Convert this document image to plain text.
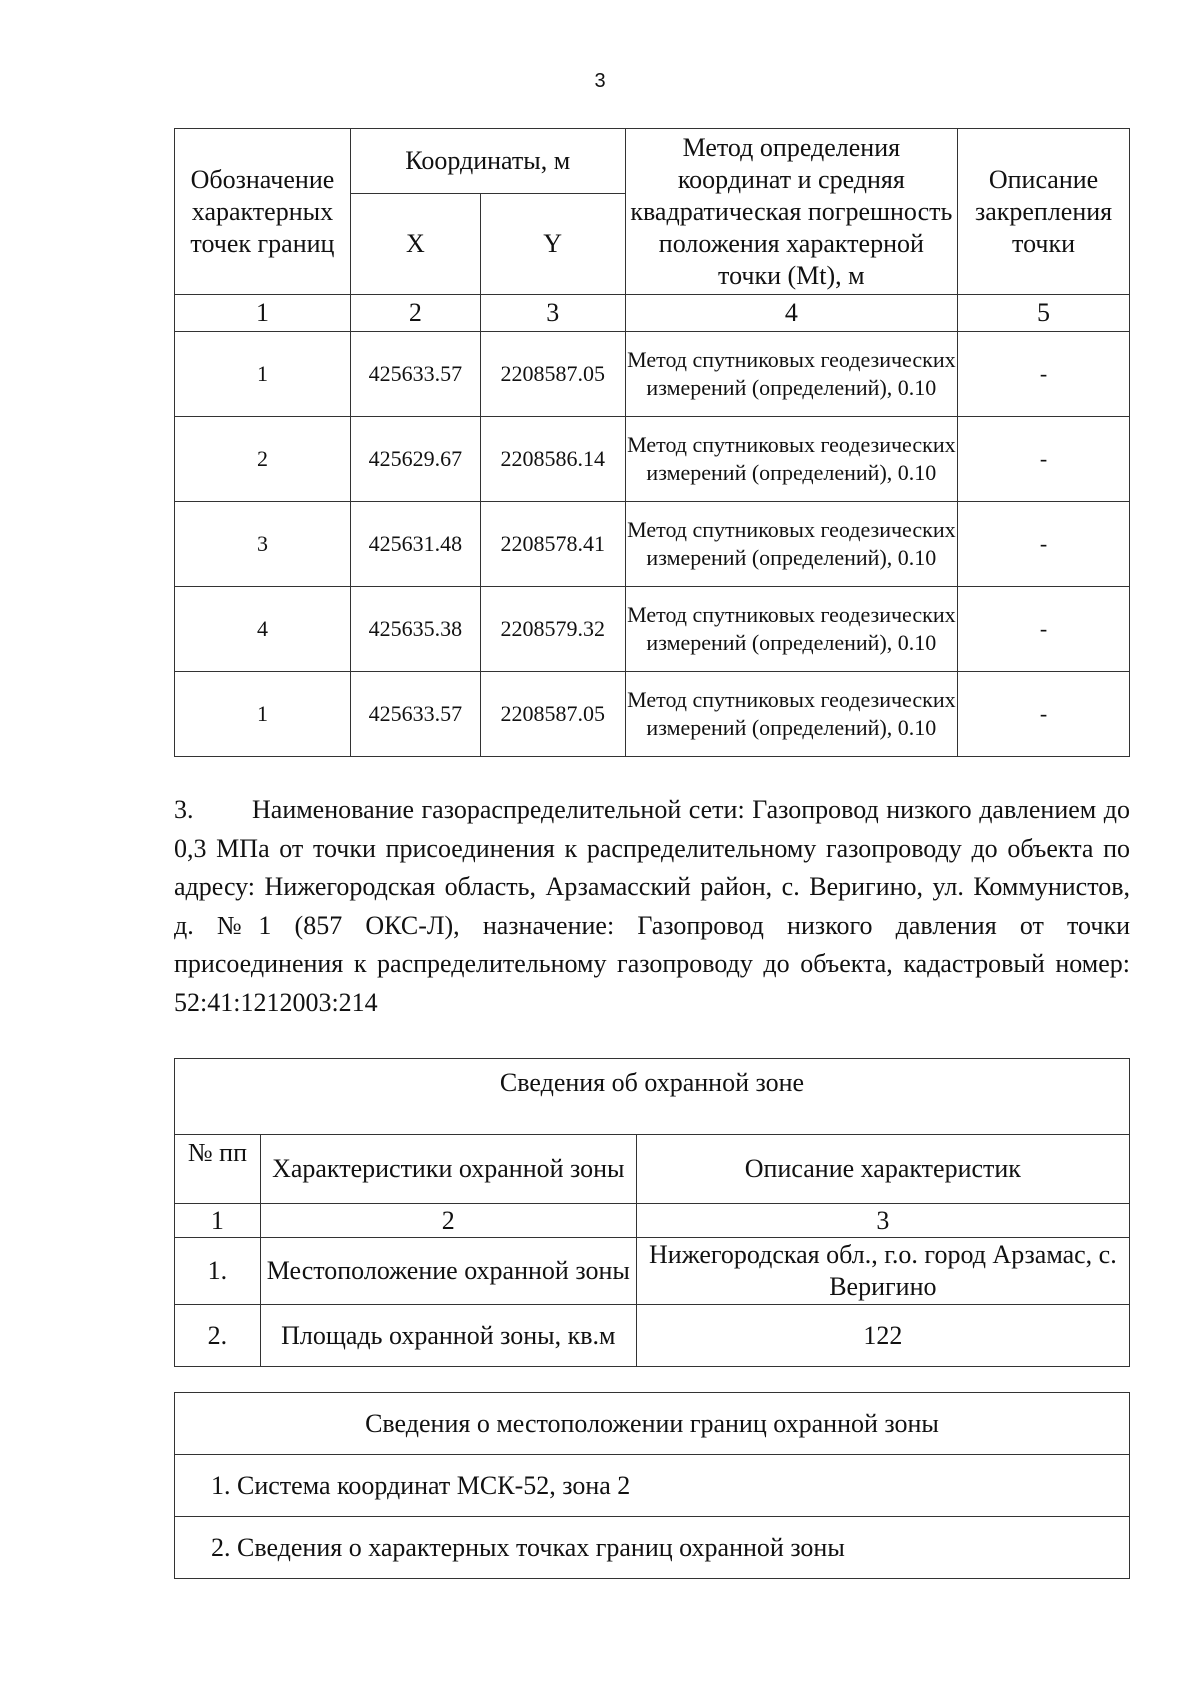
3
Обозначение характерных точек границ	Координаты, м		Метод определения координат и средняя квадратическая погрешность положения характерной точки (Mt), м	Описание закрепления точки
	X	Y		
1	2	3	4	5
1	425633.57	2208587.05	Метод спутниковых геодезических измерений (определений), 0.10	-
2	425629.67	2208586.14	Метод спутниковых геодезических измерений (определений), 0.10	-
3	425631.48	2208578.41	Метод спутниковых геодезических измерений (определений), 0.10	-
4	425635.38	2208579.32	Метод спутниковых геодезических измерений (определений), 0.10	-
1	425633.57	2208587.05	Метод спутниковых геодезических измерений (определений), 0.10	-

3. Наименование газораспределительной сети: Газопровод низкого давлением до 0,3 МПа от точки присоединения к распределительному газопроводу до объекта по адресу: Нижегородская область, Арзамасский район, с. Веригино, ул. Коммунистов, д. №1 (857 ОКС-Л), назначение: Газопровод низкого давления от точки присоединения к распределительному газопроводу до объекта, кадастровый номер: 52:41:1212003:214

Сведения об охранной зоне		
№ пп	Характеристики охранной зоны	Описание характеристик
1	2	3
1.	Местоположение охранной зоны	Нижегородская обл., г.о. город Арзамас, с. Веригино
2.	Площадь охранной зоны, кв.м	122
Сведения о местоположении границ охранной зоны
1. Система координат МСК-52, зона 2
2. Сведения о характерных точках границ охранной зоны
